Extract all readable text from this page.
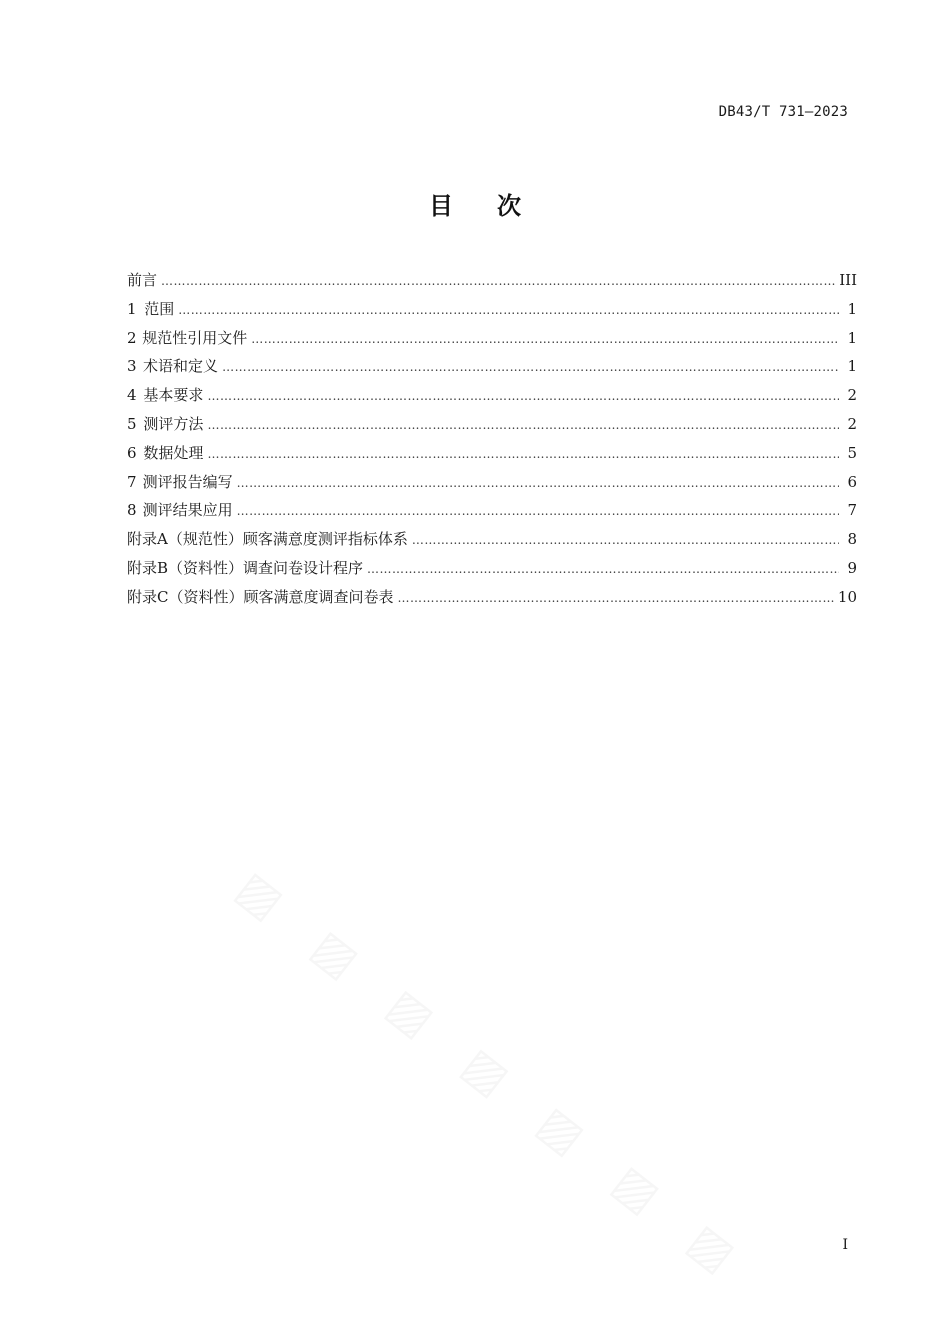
DB43/T 731—2023
目次
前言 ……………………………………………………………………………………………………………………………………………………………………………………………………………………	III
1 范围 ……………………………………………………………………………………………………………………………………………………………………………………………………………………	1
2 规范性引用文件 ……………………………………………………………………………………………………………………………………………………………………………………………………………………	1
3 术语和定义 ……………………………………………………………………………………………………………………………………………………………………………………………………………………	1
4 基本要求 ……………………………………………………………………………………………………………………………………………………………………………………………………………………	2
5 测评方法 ……………………………………………………………………………………………………………………………………………………………………………………………………………………	2
6 数据处理 ……………………………………………………………………………………………………………………………………………………………………………………………………………………	5
7 测评报告编写 ……………………………………………………………………………………………………………………………………………………………………………………………………………………	6
8 测评结果应用 ……………………………………………………………………………………………………………………………………………………………………………………………………………………	7
附录A（规范性） 顾客满意度测评指标体系 ……………………………………………………………………………………………………………………………………………………………………………………………………………………	8
附录B（资料性） 调查问卷设计程序 ……………………………………………………………………………………………………………………………………………………………………………………………………………………	9
附录C（资料性） 顾客满意度调查问卷表 ……………………………………………………………………………………………………………………………………………………………………………………………………………………	10
I
